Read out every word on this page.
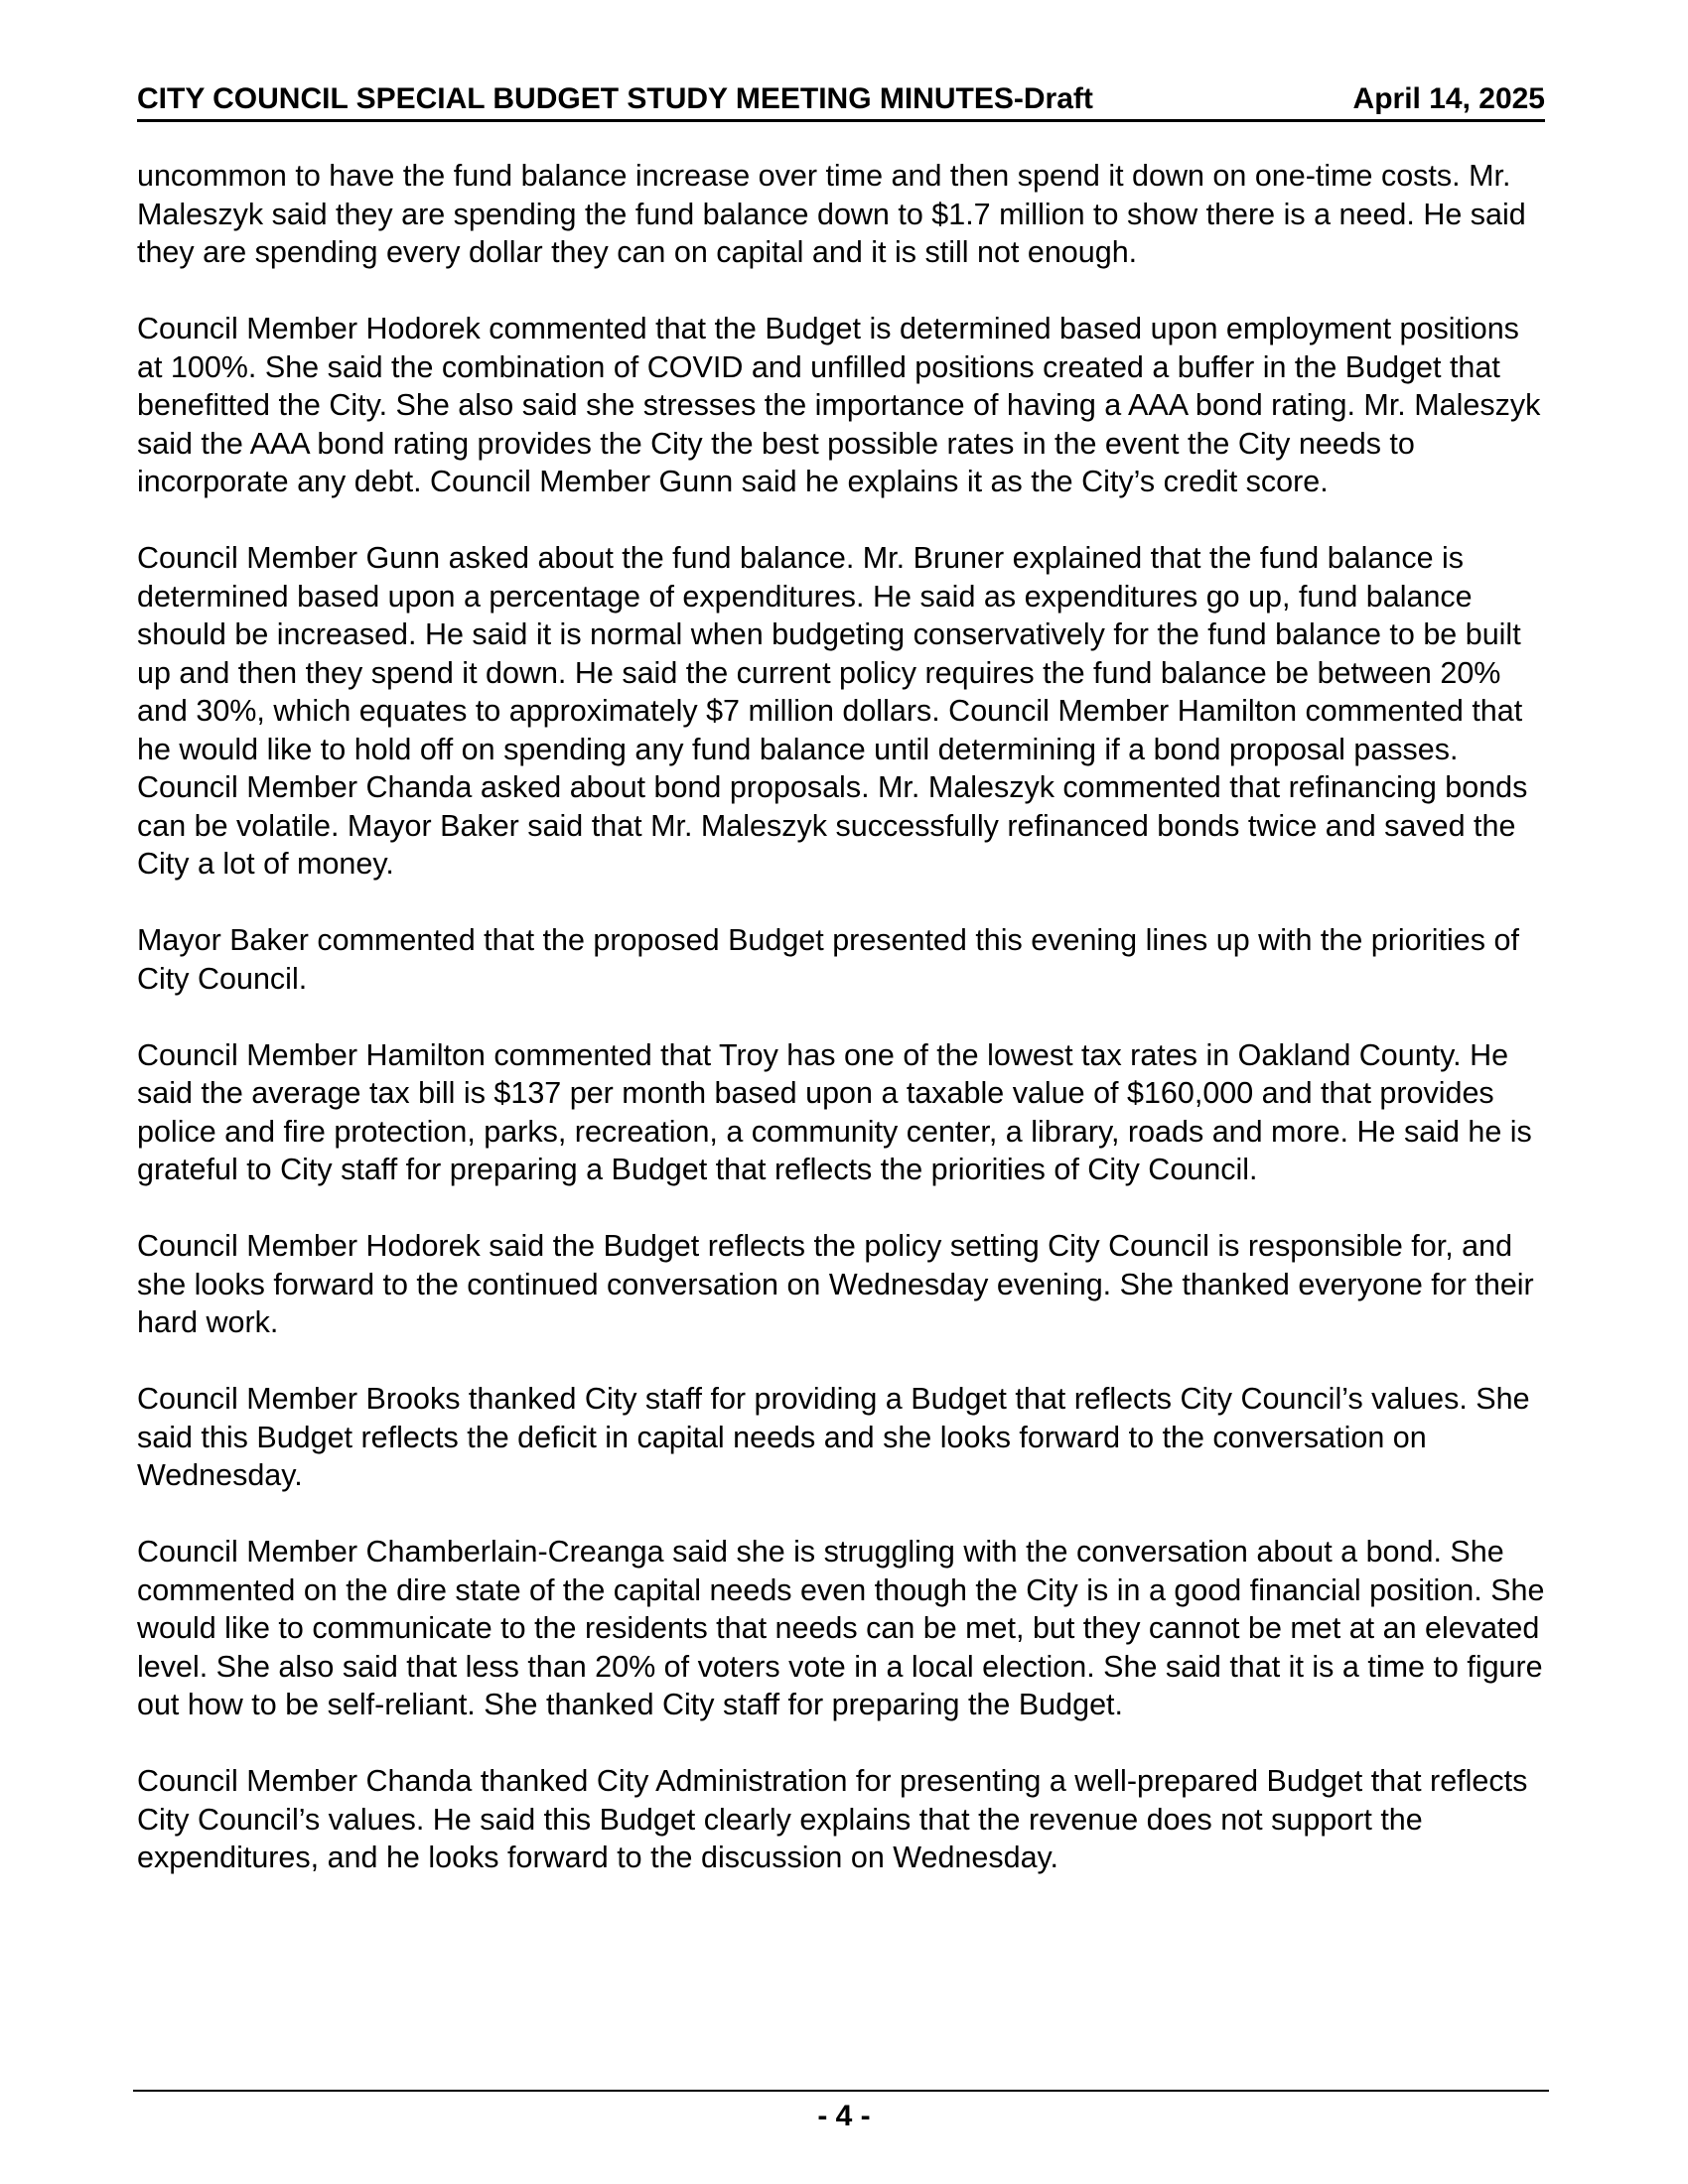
CITY COUNCIL SPECIAL BUDGET STUDY MEETING MINUTES-Draft	April 14, 2025

uncommon to have the fund balance increase over time and then spend it down on one-time costs. Mr. Maleszyk said they are spending the fund balance down to $1.7 million to show there is a need. He said they are spending every dollar they can on capital and it is still not enough.

Council Member Hodorek commented that the Budget is determined based upon employment positions at 100%. She said the combination of COVID and unfilled positions created a buffer in the Budget that benefitted the City. She also said she stresses the importance of having a AAA bond rating. Mr. Maleszyk said the AAA bond rating provides the City the best possible rates in the event the City needs to incorporate any debt. Council Member Gunn said he explains it as the City’s credit score.

Council Member Gunn asked about the fund balance. Mr. Bruner explained that the fund balance is determined based upon a percentage of expenditures. He said as expenditures go up, fund balance should be increased. He said it is normal when budgeting conservatively for the fund balance to be built up and then they spend it down. He said the current policy requires the fund balance be between 20% and 30%, which equates to approximately $7 million dollars. Council Member Hamilton commented that he would like to hold off on spending any fund balance until determining if a bond proposal passes. Council Member Chanda asked about bond proposals. Mr. Maleszyk commented that refinancing bonds can be volatile. Mayor Baker said that Mr. Maleszyk successfully refinanced bonds twice and saved the City a lot of money.

Mayor Baker commented that the proposed Budget presented this evening lines up with the priorities of City Council.

Council Member Hamilton commented that Troy has one of the lowest tax rates in Oakland County. He said the average tax bill is $137 per month based upon a taxable value of $160,000 and that provides police and fire protection, parks, recreation, a community center, a library, roads and more. He said he is grateful to City staff for preparing a Budget that reflects the priorities of City Council.

Council Member Hodorek said the Budget reflects the policy setting City Council is responsible for, and she looks forward to the continued conversation on Wednesday evening. She thanked everyone for their hard work.

Council Member Brooks thanked City staff for providing a Budget that reflects City Council’s values. She said this Budget reflects the deficit in capital needs and she looks forward to the conversation on Wednesday.

Council Member Chamberlain-Creanga said she is struggling with the conversation about a bond. She commented on the dire state of the capital needs even though the City is in a good financial position. She would like to communicate to the residents that needs can be met, but they cannot be met at an elevated level. She also said that less than 20% of voters vote in a local election. She said that it is a time to figure out how to be self-reliant. She thanked City staff for preparing the Budget.

Council Member Chanda thanked City Administration for presenting a well-prepared Budget that reflects City Council’s values. He said this Budget clearly explains that the revenue does not support the expenditures, and he looks forward to the discussion on Wednesday.

- 4 -
